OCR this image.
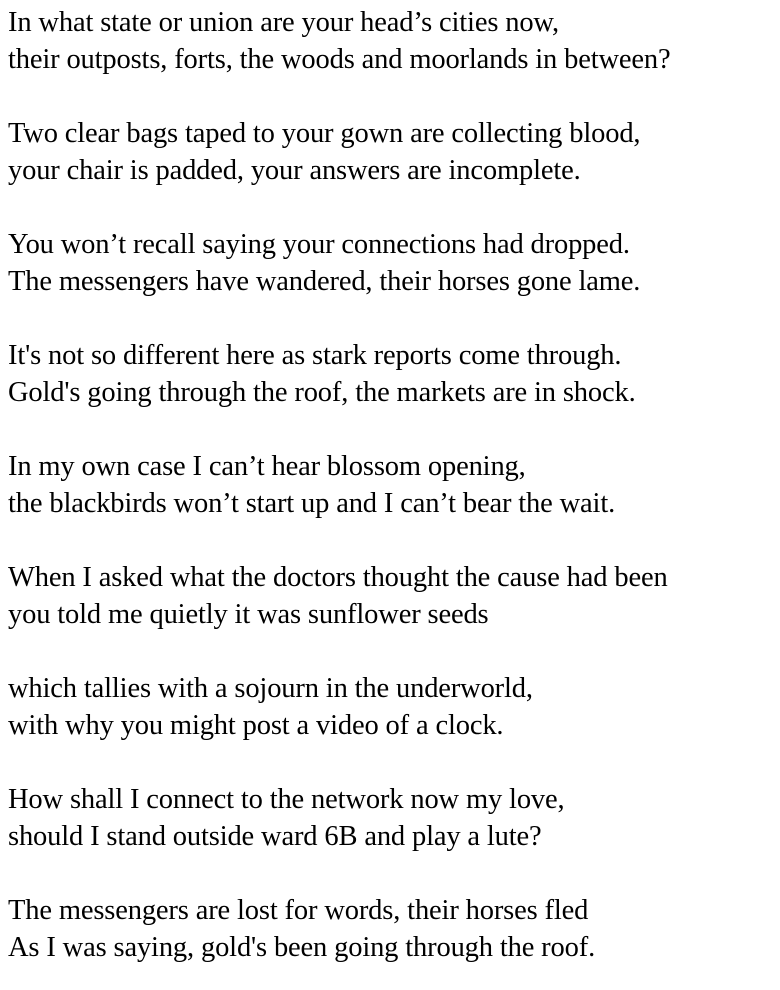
In what state or union are your head’s cities now,
their outposts, forts, the woods and moorlands in between?
Two clear bags taped to your gown are collecting blood,
your chair is padded, your answers are incomplete.
You won’t recall saying your connections had dropped.
The messengers have wandered, their horses gone lame.
It's not so different here as stark reports come through.
Gold's going through the roof, the markets are in shock.
In my own case I can’t hear blossom opening,
the blackbirds won’t start up and I can’t bear the wait.
When I asked what the doctors thought the cause had been
you told me quietly it was sunflower seeds
which tallies with a sojourn in the underworld,
with why you might post a video of a clock.
How shall I connect to the network now my love,
should I stand outside ward 6B and play a lute?
The messengers are lost for words, their horses fled
As I was saying, gold's been going through the roof.
